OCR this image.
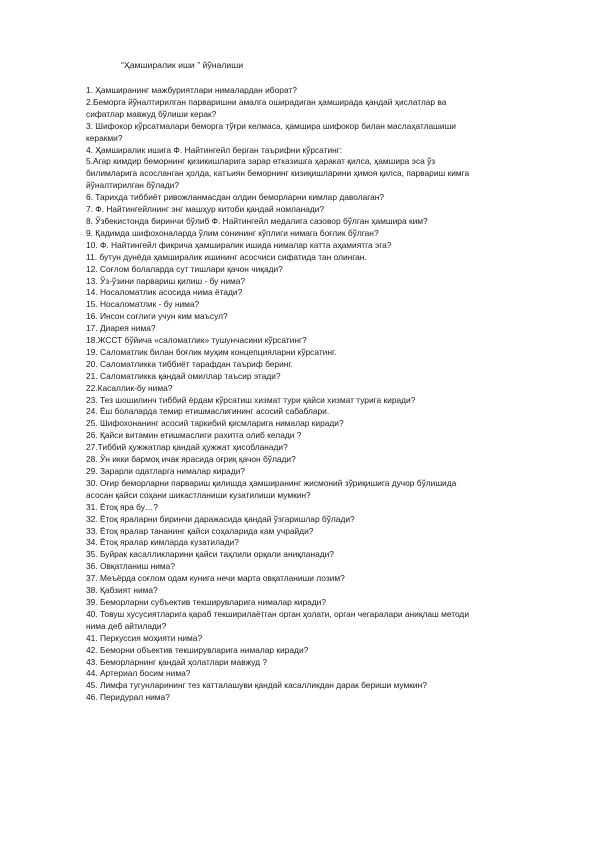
“Ҳамширалик иши ” йўналиши
1. Ҳамширанинг мажбуриятлари нималардан иборат?
2.Беморга йўналтирилган парваришни амалга оширадиган ҳамширада қандай ҳислатлар ва
сифатлар мавжуд бўлиши керак?
3. Шифокор кўрсатмалари беморга тўғри келмаса, ҳамшира шифокор билан маслаҳатлашиши
керакми?
4. Ҳамширалик ишига Ф. Найтингейл берган таърифни кўрсатинг:
5.Агар кимдир беморнинг қизикишларига зарар етказишга ҳаракат қилса, ҳамшира эса ўз
билимларига асосланган ҳолда, катъиян беморнинг кизиқишларини ҳимоя қилса, парвариш кимга
йўналтирилган бўлади?
6. Тарихда тиббиёт ривожланмасдан олдин беморларни кимлар даволаган?
7. Ф. Найтингейлнинг энг машҳур китоби қандай номланади?
8. Ўзбекистонда биринчи бўлиб Ф. Найтингейл медалига сазовор бўлган ҳамшира ким?
9. Қадимда шифохоналарда ўлим сонининг кўплиги нимага боғлик бўлган?
10. Ф. Найтингейл фикрича ҳамширалик ишида нималар катта аҳамиятга эга?
11. бутун дунёда ҳамширалик ишининг асосчиси сифатида тан олинган.
12. Соғлом болаларда сут тишлари қачон чиқади?
13. Ўз-ўзини парвариш қилиш - бу нима?
14. Носаломатлик асосида нима ётади?
15. Носаломатлик - бу нима?
16. Инсон соғлиги учун ким маъсул?
17. Диарея нима?
18.ЖССТ бўйича «саломатлик» тушунчасини кўрсатинг?
19. Саломатлик билан боғлик муҳим концепцияларни кўрсатинг.
20. Саломатликка тиббиёт тарафдан таъриф беринг.
21. Саломатликка қандай омиллар таъсир этади?
22.Касаллик-бу нима?
23. Тез шошилинч тиббий ёрдам кўрсатиш хизмат тури қайси хизмат турига киради?
24. Ёш болаларда темир етишмаслигининг асосий сабаблари.
25. Шифохонанинг асосий таркибий қисмларига нималар киради?
26. Қайси витамин етишмаслиги рахитга олиб келади ?
27.Тиббий ҳужжатлар қандай ҳужжат ҳисобланади?
28. Ўн икки бармоқ ичак ярасида оғриқ қачон бўлади?
29. Зарарли одатларга нималар киради?
30. Оғир беморларни парвариш қилишда ҳамширанинг жисмоний зўриқишига дучор бўлишида
асосан қайси соҳани шикастланиши кузатилиши мумкин?
31. Ётоқ яра бу…?
32. Ётоқ яраларни биринчи даражасида қандай ўзгаришлар бўлади?
33. Ётоқ яралар тананинг қайси соҳаларида кам учрайди?
34. Ётоқ яралар кимларда кузатилади?
35. Буйрак касалликларини қайси таҳлили орқали аниқланади?
36. Овқатланиш нима?
37. Меъёрда соғлом одам кунига нечи марта овқатланиши лозим?
38. Қабзият нима?
39. Беморларни субъектив текширувларига нималар киради?
40. Товуш хусусиятларига қараб текширилаётган орган ҳолати, орган чегаралари аниқлаш методи
нима деб айтилади?
41. Перкуссия моҳияти нима?
42. Беморни объектив текширувларига нималар киради?
43. Беморларнинг қандай ҳолатлари мавжуд ?
44. Артериал босим нима?
45. Лимфа тугунларининг тез катталашуви қандай касалликдан дарак бериши мумкин?
46. Перидурал нима?
